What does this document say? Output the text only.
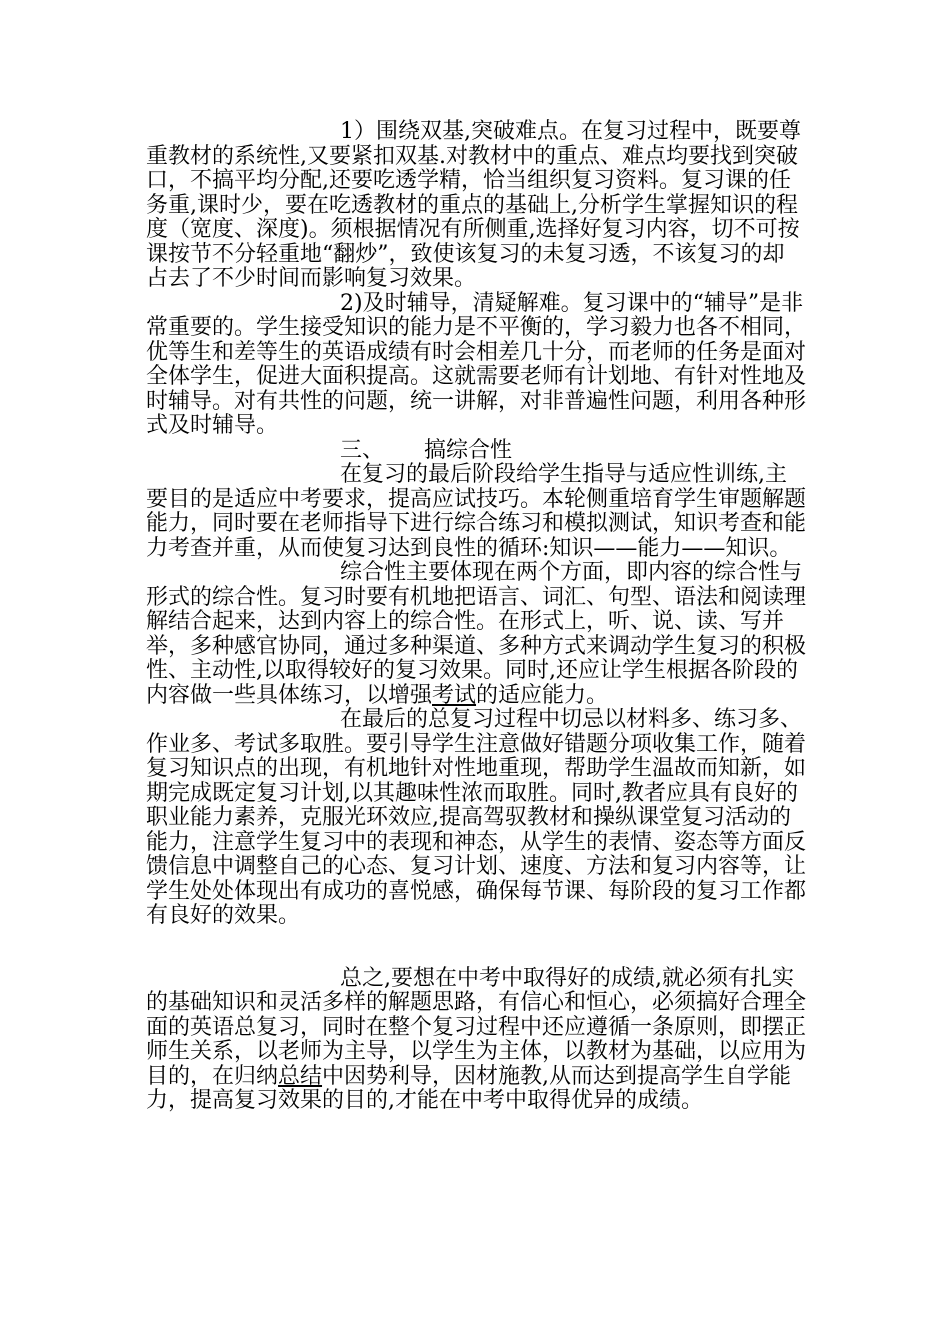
1）围绕双基,突破难点。在复习过程中，既要尊重教材的系统性,又要紧扣双基.对教材中的重点、难点均要找到突破口，不搞平均分配,还要吃透学精，恰当组织复习资料。复习课的任务重,课时少，要在吃透教材的重点的基础上,分析学生掌握知识的程度（宽度、深度)。须根据情况有所侧重,选择好复习内容，切不可按课按节不分轻重地“翻炒”，致使该复习的未复习透，不该复习的却占去了不少时间而影响复习效果。

2)及时辅导，清疑解难。复习课中的“辅导”是非常重要的。学生接受知识的能力是不平衡的，学习毅力也各不相同，优等生和差等生的英语成绩有时会相差几十分，而老师的任务是面对全体学生，促进大面积提高。这就需要老师有计划地、有针对性地及时辅导。对有共性的问题，统一讲解，对非普遍性问题，利用各种形式及时辅导。

三、 搞综合性

在复习的最后阶段给学生指导与适应性训练,主要目的是适应中考要求，提高应试技巧。本轮侧重培育学生审题解题能力，同时要在老师指导下进行综合练习和模拟测试，知识考查和能力考查并重，从而使复习达到良性的循环:知识——能力——知识。

综合性主要体现在两个方面，即内容的综合性与形式的综合性。复习时要有机地把语言、词汇、句型、语法和阅读理解结合起来，达到内容上的综合性。在形式上，听、说、读、写并举，多种感官协同，通过多种渠道、多种方式来调动学生复习的积极性、主动性,以取得较好的复习效果。同时,还应让学生根据各阶段的内容做一些具体练习，以增强考试的适应能力。

在最后的总复习过程中切忌以材料多、练习多、作业多、考试多取胜。要引导学生注意做好错题分项收集工作，随着复习知识点的出现，有机地针对性地重现，帮助学生温故而知新，如期完成既定复习计划,以其趣味性浓而取胜。同时,教者应具有良好的职业能力素养，克服光环效应,提高驾驭教材和操纵课堂复习活动的能力，注意学生复习中的表现和神态，从学生的表情、姿态等方面反馈信息中调整自己的心态、复习计划、速度、方法和复习内容等，让学生处处体现出有成功的喜悦感，确保每节课、每阶段的复习工作都有良好的效果。

总之,要想在中考中取得好的成绩,就必须有扎实的基础知识和灵活多样的解题思路，有信心和恒心，必须搞好合理全面的英语总复习，同时在整个复习过程中还应遵循一条原则，即摆正师生关系，以老师为主导，以学生为主体，以教材为基础，以应用为目的，在归纳总结中因势利导，因材施教,从而达到提高学生自学能力，提高复习效果的目的,才能在中考中取得优异的成绩。
